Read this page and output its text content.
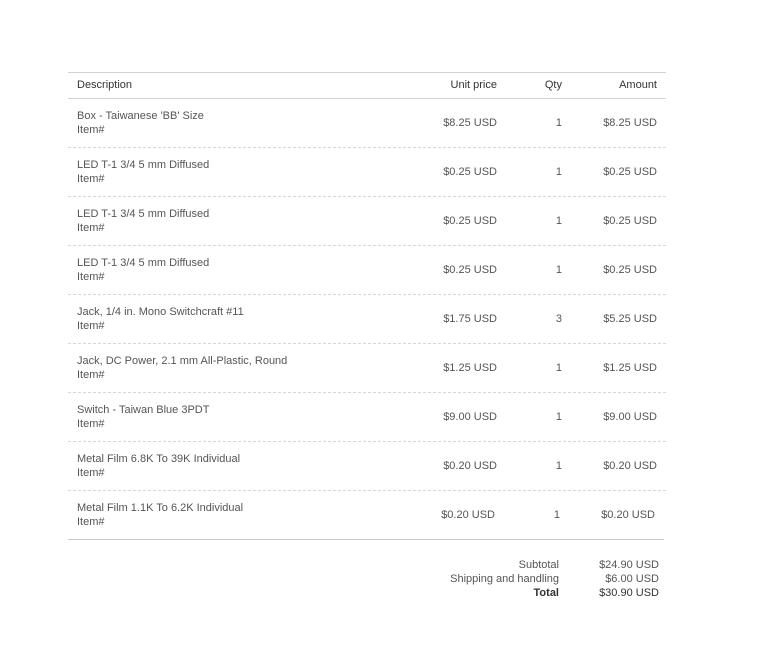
Description	Unit price	Qty	Amount
Box - Taiwanese 'BB' Size
Item#
$8.25 USD	1	$8.25 USD
LED T-1 3/4 5 mm Diffused
Item#
$0.25 USD	1	$0.25 USD
LED T-1 3/4 5 mm Diffused
Item#
$0.25 USD	1	$0.25 USD
LED T-1 3/4 5 mm Diffused
Item#
$0.25 USD	1	$0.25 USD
Jack, 1/4 in. Mono Switchcraft #11
Item#
$1.75 USD	3	$5.25 USD
Jack, DC Power, 2.1 mm All-Plastic, Round
Item#
$1.25 USD	1	$1.25 USD
Switch - Taiwan Blue 3PDT
Item#
$9.00 USD	1	$9.00 USD
Metal Film 6.8K To 39K Individual
Item#
$0.20 USD	1	$0.20 USD
Metal Film 1.1K To 6.2K Individual
Item#
$0.20 USD	1	$0.20 USD
Subtotal	$24.90 USD
Shipping and handling	$6.00 USD
Total	$30.90 USD
